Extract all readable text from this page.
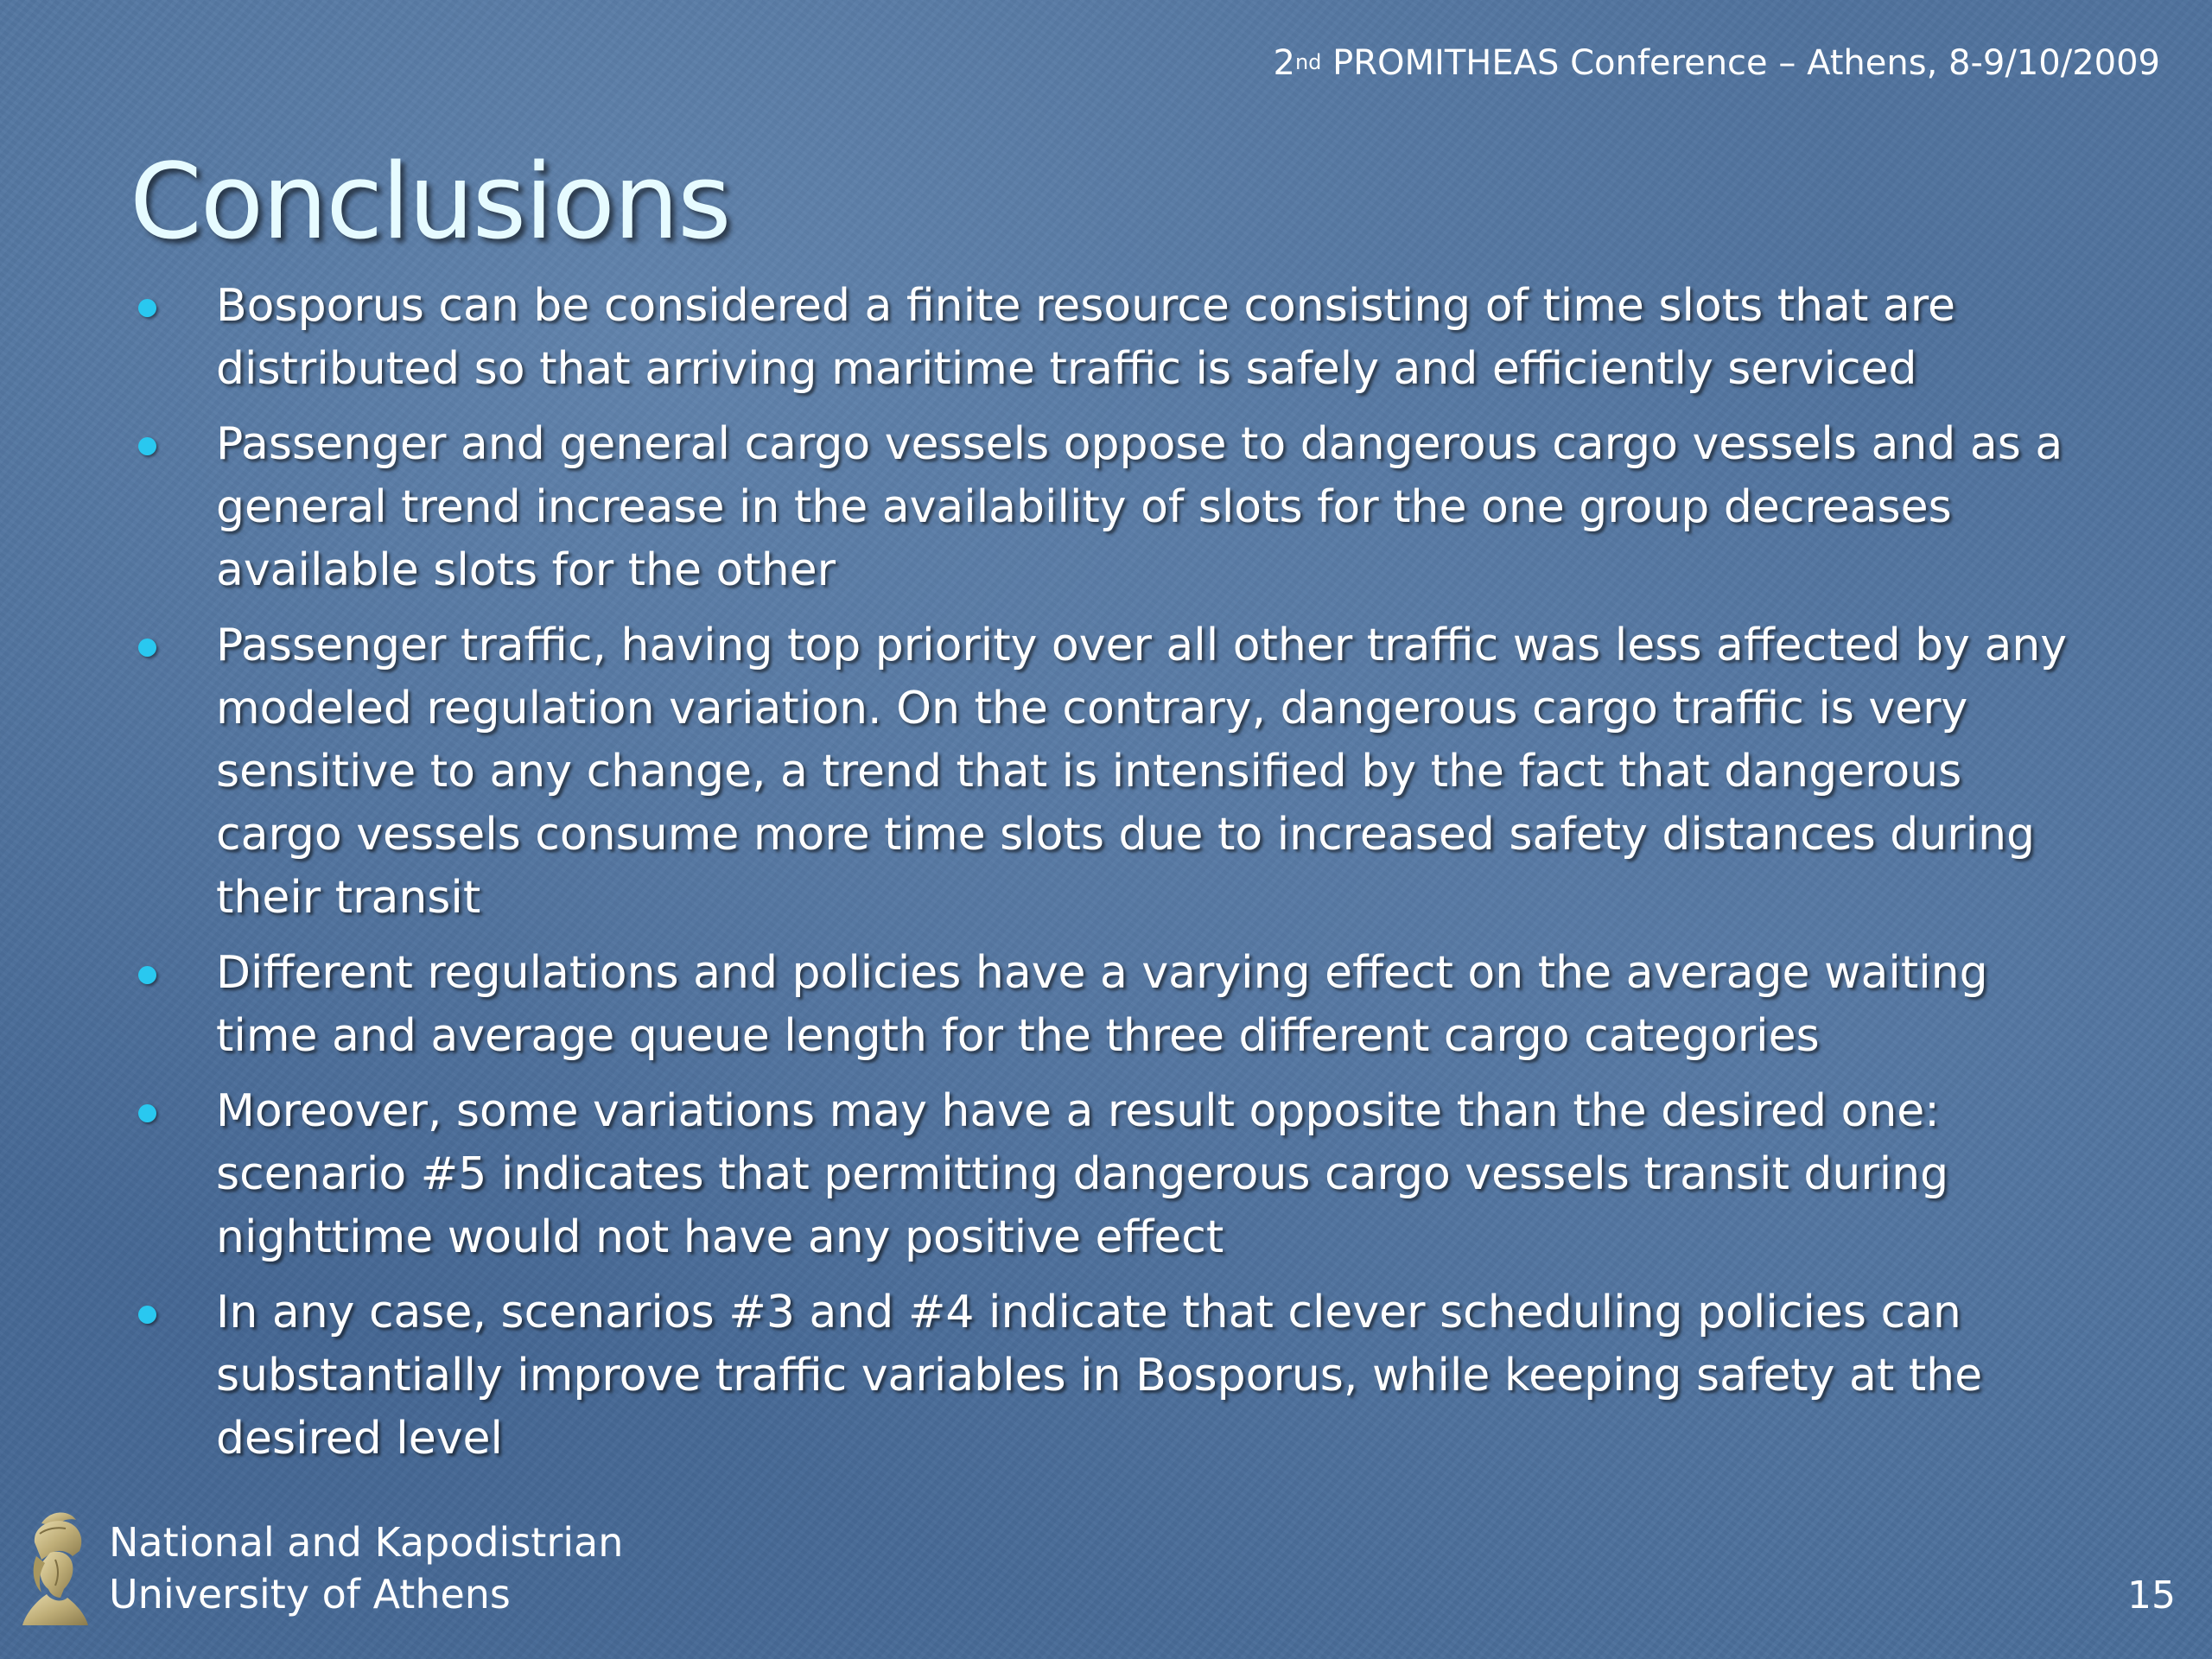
2nd PROMITHEAS Conference – Athens, 8-9/10/2009
Conclusions
Bosporus can be considered a finite resource consisting of time slots that are distributed so that arriving maritime traffic is safely and efficiently serviced
Passenger and general cargo vessels oppose to dangerous cargo vessels and as a general trend increase in the availability of slots for the one group decreases available slots for the other
Passenger traffic, having top priority over all other traffic was less affected by any modeled regulation variation. On the contrary, dangerous cargo traffic is very sensitive to any change, a trend that is intensified by the fact that dangerous cargo vessels consume more time slots due to increased safety distances during their transit
Different regulations and policies have a varying effect on the average waiting time and average queue length for the three different cargo categories
Moreover, some variations may have a result opposite than the desired one: scenario #5 indicates that permitting dangerous cargo vessels transit during nighttime would not have any positive effect
In any case, scenarios #3 and #4 indicate that clever scheduling policies can substantially improve traffic variables in Bosporus, while keeping safety at the desired level
National and Kapodistrian
University of Athens	15
